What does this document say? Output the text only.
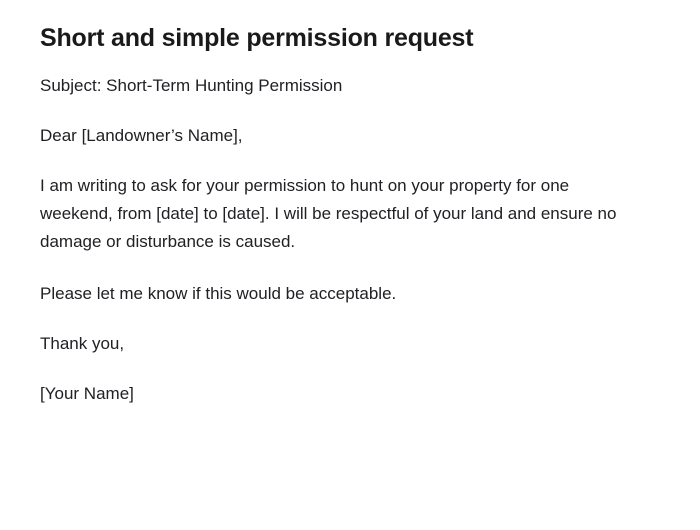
Short and simple permission request

Subject: Short-Term Hunting Permission

Dear [Landowner’s Name],

I am writing to ask for your permission to hunt on your property for one weekend, from [date] to [date]. I will be respectful of your land and ensure no damage or disturbance is caused.

Please let me know if this would be acceptable.

Thank you,

[Your Name]
